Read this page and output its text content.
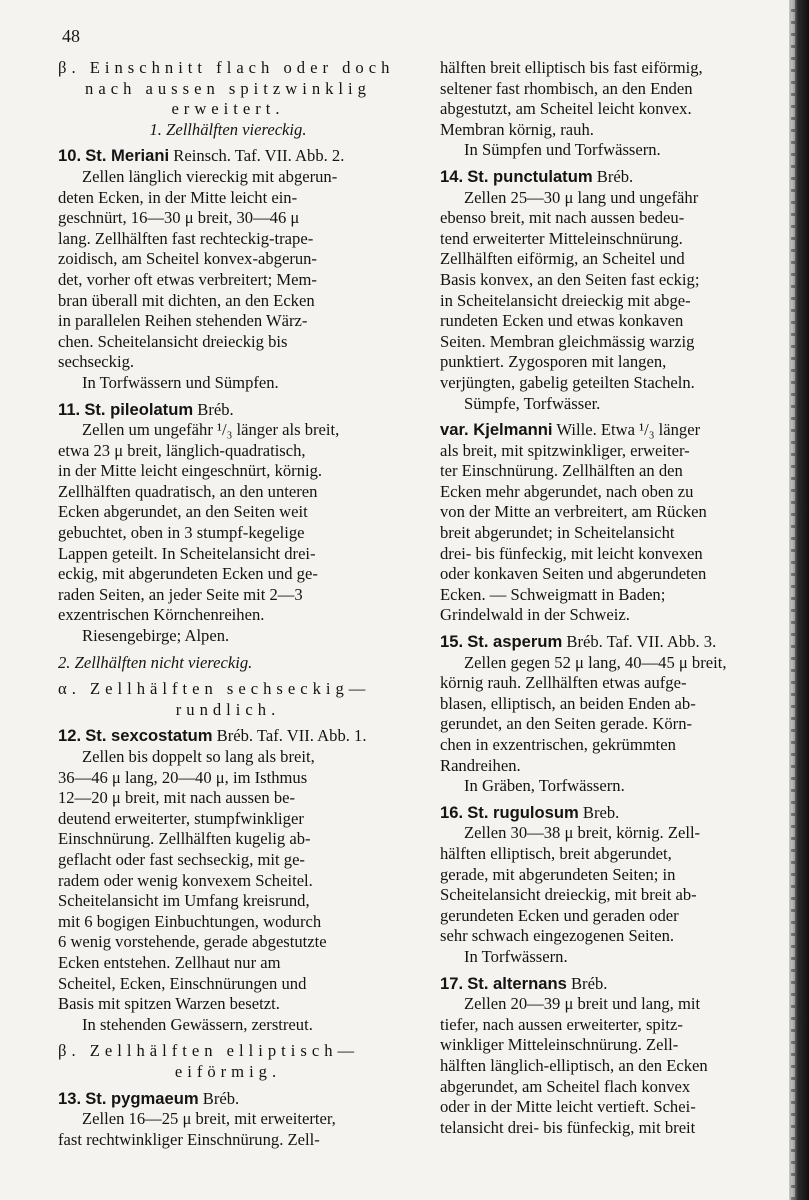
48
β. Einschnitt flach oder doch
nach aussen spitzwinklig
erweitert.
1. Zellhälften viereckig.
10. St. Meriani Reinsch. Taf. VII. Abb. 2.
Zellen länglich viereckig mit abgerun-
deten Ecken, in der Mitte leicht ein-
geschnürt, 16—30 μ breit, 30—46 μ
lang. Zellhälften fast rechteckig-trape-
zoidisch, am Scheitel konvex-abgerun-
det, vorher oft etwas verbreitert; Mem-
bran überall mit dichten, an den Ecken
in parallelen Reihen stehenden Wärz-
chen. Scheitelansicht dreieckig bis
sechseckig.
In Torfwässern und Sümpfen.
11. St. pileolatum Bréb.
Zellen um ungefähr ¹/₃ länger als breit,
etwa 23 μ breit, länglich-quadratisch,
in der Mitte leicht eingeschnürt, körnig.
Zellhälften quadratisch, an den unteren
Ecken abgerundet, an den Seiten weit
gebuchtet, oben in 3 stumpf-kegelige
Lappen geteilt. In Scheitelansicht drei-
eckig, mit abgerundeten Ecken und ge-
raden Seiten, an jeder Seite mit 2—3
exzentrischen Körnchenreihen.
Riesengebirge; Alpen.
2. Zellhälften nicht viereckig.
α. Zellhälften sechseckig—
rundlich.
12. St. sexcostatum Bréb. Taf. VII. Abb. 1.
Zellen bis doppelt so lang als breit,
36—46 μ lang, 20—40 μ, im Isthmus
12—20 μ breit, mit nach aussen be-
deutend erweiterter, stumpfwinkliger
Einschnürung. Zellhälften kugelig ab-
geflacht oder fast sechseckig, mit ge-
radem oder wenig konvexem Scheitel.
Scheitelansicht im Umfang kreisrund,
mit 6 bogigen Einbuchtungen, wodurch
6 wenig vorstehende, gerade abgestutzte
Ecken entstehen. Zellhaut nur am
Scheitel, Ecken, Einschnürungen und
Basis mit spitzen Warzen besetzt.
In stehenden Gewässern, zerstreut.
β. Zellhälften elliptisch—
eiförmig.
13. St. pygmaeum Bréb.
Zellen 16—25 μ breit, mit erweiterter,
fast rechtwinkliger Einschnürung. Zell-
hälften breit elliptisch bis fast eiförmig,
seltener fast rhombisch, an den Enden
abgestutzt, am Scheitel leicht konvex.
Membran körnig, rauh.
In Sümpfen und Torfwässern.
14. St. punctulatum Bréb.
Zellen 25—30 μ lang und ungefähr
ebenso breit, mit nach aussen bedeu-
tend erweiterter Mitteleinschnürung.
Zellhälften eiförmig, an Scheitel und
Basis konvex, an den Seiten fast eckig;
in Scheitelansicht dreieckig mit abge-
rundeten Ecken und etwas konkaven
Seiten. Membran gleichmässig warzig
punktiert. Zygosporen mit langen,
verjüngten, gabelig geteilten Stacheln.
Sümpfe, Torfwässer.
var. Kjelmanni Wille. Etwa ¹/₃ länger
als breit, mit spitzwinkliger, erweiter-
ter Einschnürung. Zellhälften an den
Ecken mehr abgerundet, nach oben zu
von der Mitte an verbreitert, am Rücken
breit abgerundet; in Scheitelansicht
drei- bis fünfeckig, mit leicht konvexen
oder konkaven Seiten und abgerundeten
Ecken. — Schweigmatt in Baden;
Grindelwald in der Schweiz.
15. St. asperum Bréb. Taf. VII. Abb. 3.
Zellen gegen 52 μ lang, 40—45 μ breit,
körnig rauh. Zellhälften etwas aufge-
blasen, elliptisch, an beiden Enden ab-
gerundet, an den Seiten gerade. Körn-
chen in exzentrischen, gekrümmten
Randreihen.
In Gräben, Torfwässern.
16. St. rugulosum Breb.
Zellen 30—38 μ breit, körnig. Zell-
hälften elliptisch, breit abgerundet,
gerade, mit abgerundeten Seiten; in
Scheitelansicht dreieckig, mit breit ab-
gerundeten Ecken und geraden oder
sehr schwach eingezogenen Seiten.
In Torfwässern.
17. St. alternans Bréb.
Zellen 20—39 μ breit und lang, mit
tiefer, nach aussen erweiterter, spitz-
winkliger Mitteleinschnürung. Zell-
hälften länglich-elliptisch, an den Ecken
abgerundet, am Scheitel flach konvex
oder in der Mitte leicht vertieft. Schei-
telansicht drei- bis fünfeckig, mit breit
